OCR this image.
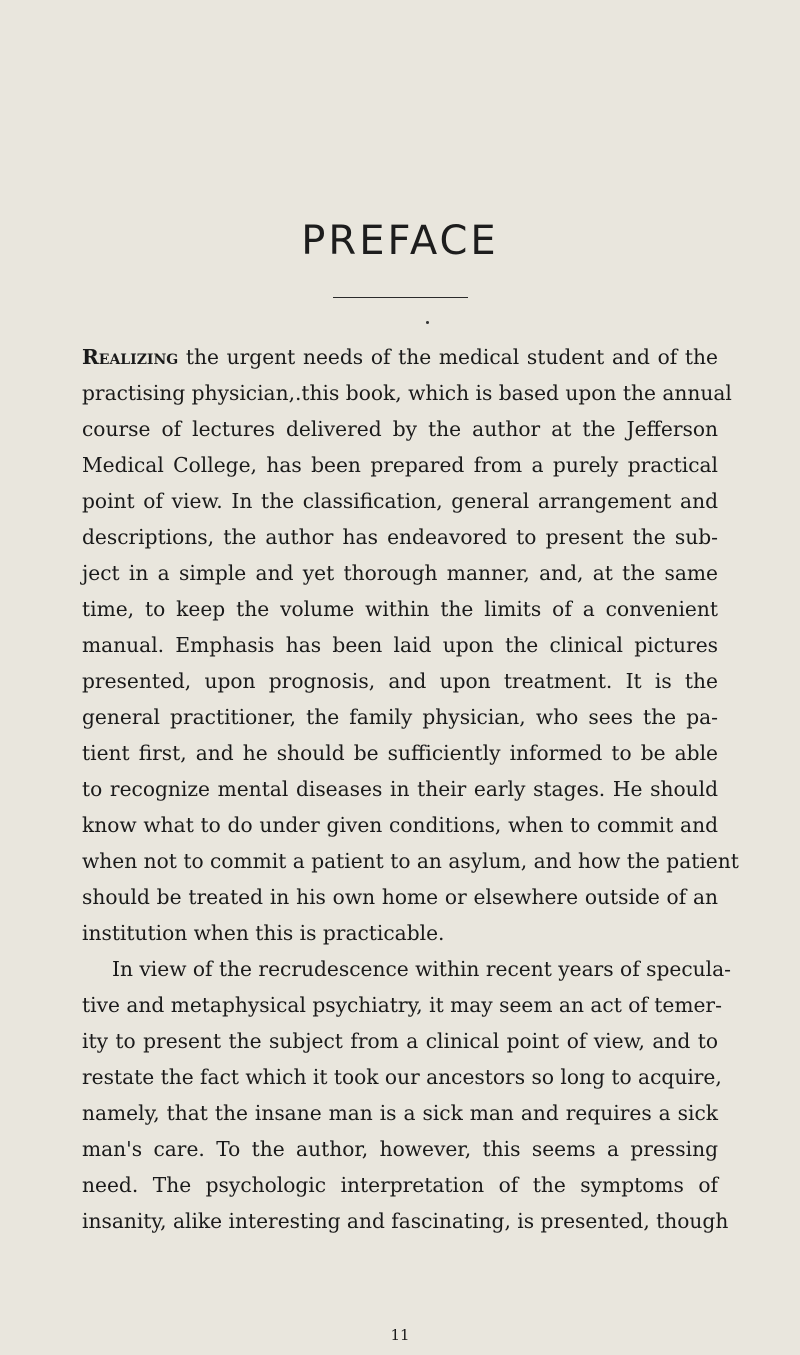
PREFACE
Realizing the urgent needs of the medical student and of the
practising physician,.this book, which is based upon the annual
course of lectures delivered by the author at the Jefferson
Medical College, has been prepared from a purely practical
point of view. In the classification, general arrangement and
descriptions, the author has endeavored to present the sub-
ject in a simple and yet thorough manner, and, at the same
time, to keep the volume within the limits of a convenient
manual. Emphasis has been laid upon the clinical pictures
presented, upon prognosis, and upon treatment. It is the
general practitioner, the family physician, who sees the pa-
tient first, and he should be sufficiently informed to be able
to recognize mental diseases in their early stages. He should
know what to do under given conditions, when to commit and
when not to commit a patient to an asylum, and how the patient
should be treated in his own home or elsewhere outside of an
institution when this is practicable.
In view of the recrudescence within recent years of specula-
tive and metaphysical psychiatry, it may seem an act of temer-
ity to present the subject from a clinical point of view, and to
restate the fact which it took our ancestors so long to acquire,
namely, that the insane man is a sick man and requires a sick
man's care. To the author, however, this seems a pressing
need. The psychologic interpretation of the symptoms of
insanity, alike interesting and fascinating, is presented, though
11
